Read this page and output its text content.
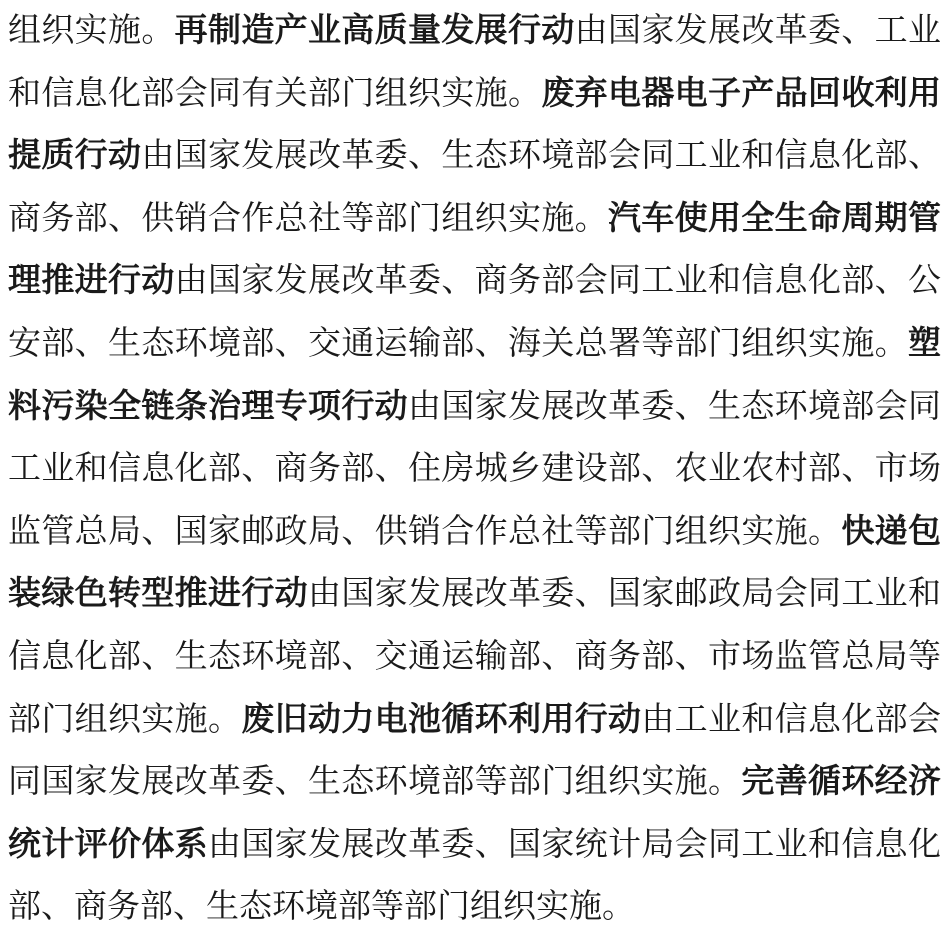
组织实施。再制造产业高质量发展行动由国家发展改革委、工业
和信息化部会同有关部门组织实施。废弃电器电子产品回收利用
提质行动由国家发展改革委、生态环境部会同工业和信息化部、
商务部、供销合作总社等部门组织实施。汽车使用全生命周期管
理推进行动由国家发展改革委、商务部会同工业和信息化部、公
安部、生态环境部、交通运输部、海关总署等部门组织实施。塑
料污染全链条治理专项行动由国家发展改革委、生态环境部会同
工业和信息化部、商务部、住房城乡建设部、农业农村部、市场
监管总局、国家邮政局、供销合作总社等部门组织实施。快递包
装绿色转型推进行动由国家发展改革委、国家邮政局会同工业和
信息化部、生态环境部、交通运输部、商务部、市场监管总局等
部门组织实施。废旧动力电池循环利用行动由工业和信息化部会
同国家发展改革委、生态环境部等部门组织实施。完善循环经济
统计评价体系由国家发展改革委、国家统计局会同工业和信息化
部、商务部、生态环境部等部门组织实施。
